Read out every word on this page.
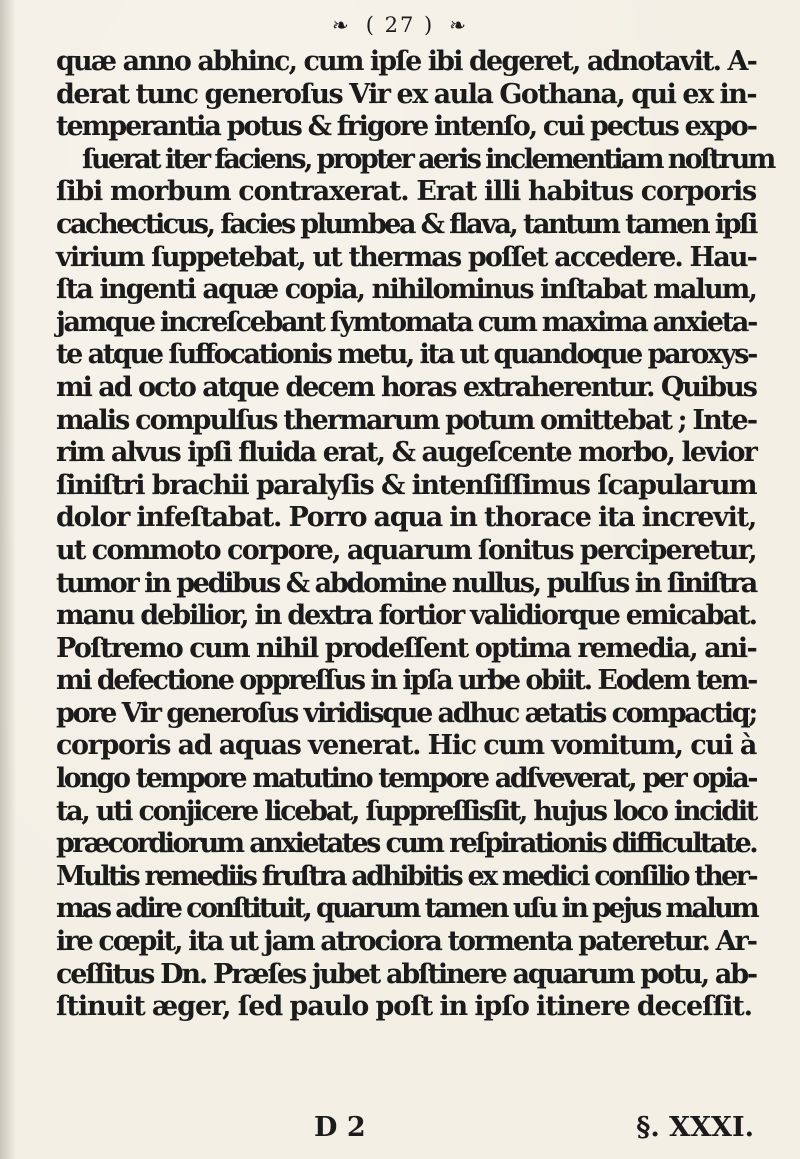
❧ ( 27 ) ❧
quæ anno abhinc, cum ipſe ibi degeret, adnotavit. A-
derat tunc generoſus Vir ex aula Gothana, qui ex in-
temperantia potus & frigore intenſo, cui pectus expo-
ſuerat iter faciens, propter aeris inclementiam noſtrum
ſibi morbum contraxerat. Erat illi habitus corporis
cachecticus, facies plumbea & flava, tantum tamen ipſi
virium ſuppetebat, ut thermas poſſet accedere. Hau-
ſta ingenti aquæ copia, nihilominus inſtabat malum,
jamque increſcebant ſymtomata cum maxima anxieta-
te atque ſuffocationis metu, ita ut quandoque paroxys-
mi ad octo atque decem horas extraherentur. Quibus
malis compulſus thermarum potum omittebat ; Inte-
rim alvus ipſi fluida erat, & augeſcente morbo, levior
ſiniſtri brachii paralyſis & intenſiſſimus ſcapularum
dolor infeſtabat. Porro aqua in thorace ita increvit,
ut commoto corpore, aquarum ſonitus perciperetur,
tumor in pedibus & abdomine nullus, pulſus in ſiniſtra
manu debilior, in dextra fortior validiorque emicabat.
Poſtremo cum nihil prodeſſent optima remedia, ani-
mi defectione oppreſſus in ipſa urbe obiit. Eodem tem-
pore Vir generoſus viridisque adhuc ætatis compactiq;
corporis ad aquas venerat. Hic cum vomitum, cui à
longo tempore matutino tempore adſveverat, per opia-
ta, uti conjicere licebat, ſuppreſſisſit, hujus loco incidit
præcordiorum anxietates cum reſpirationis difficultate.
Multis remediis fruſtra adhibitis ex medici conſilio ther-
mas adire conſtituit, quarum tamen uſu in pejus malum
ire cœpit, ita ut jam atrociora tormenta pateretur. Ar-
ceſſitus Dn. Præſes jubet abſtinere aquarum potu, ab-
ſtinuit æger, ſed paulo poſt in ipſo itinere deceſſit.
D 2	§. XXXI.
